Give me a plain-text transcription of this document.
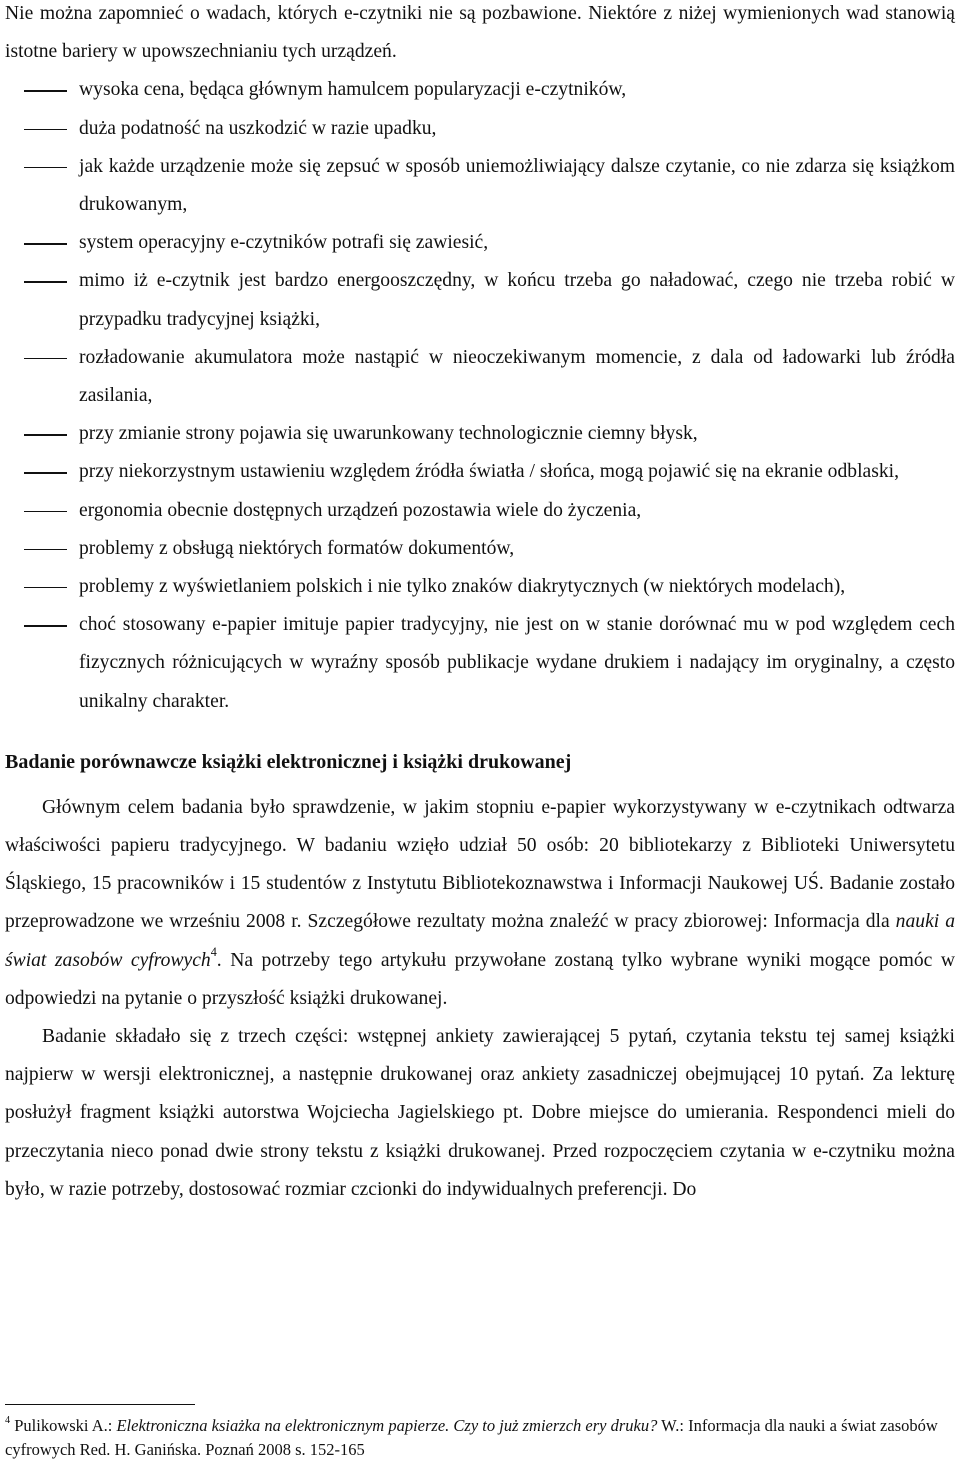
Nie można zapomnieć o wadach, których e-czytniki nie są pozbawione. Niektóre z niżej wymienionych wad stanowią istotne bariery w upowszechnianiu tych urządzeń.

wysoka cena, będąca głównym hamulcem popularyzacji e-czytników,
duża podatność na uszkodzić w razie upadku,
jak każde urządzenie może się zepsuć w sposób uniemożliwiający dalsze czytanie, co nie zdarza się książkom drukowanym,
system operacyjny e-czytników potrafi się zawiesić,
mimo iż e-czytnik jest bardzo energooszczędny, w końcu trzeba go naładować, czego nie trzeba robić w przypadku tradycyjnej książki,
rozładowanie akumulatora może nastąpić w nieoczekiwanym momencie, z dala od ładowarki lub źródła zasilania,
przy zmianie strony pojawia się uwarunkowany technologicznie ciemny błysk,
przy niekorzystnym ustawieniu względem źródła światła / słońca, mogą pojawić się na ekranie odblaski,
ergonomia obecnie dostępnych urządzeń pozostawia wiele do życzenia,
problemy z obsługą niektórych formatów dokumentów,
problemy z wyświetlaniem polskich i nie tylko znaków diakrytycznych (w niektórych modelach),
choć stosowany e-papier imituje papier tradycyjny, nie jest on w stanie dorównać mu w pod względem cech fizycznych różnicujących w wyraźny sposób publikacje wydane drukiem i nadający im oryginalny, a często unikalny charakter.
Badanie porównawcze książki elektronicznej i książki drukowanej

Głównym celem badania było sprawdzenie, w jakim stopniu e-papier wykorzystywany w e-czytnikach odtwarza właściwości papieru tradycyjnego. W badaniu wzięło udział 50 osób: 20 bibliotekarzy z Biblioteki Uniwersytetu Śląskiego, 15 pracowników i 15 studentów z Instytutu Bibliotekoznawstwa i Informacji Naukowej UŚ. Badanie zostało przeprowadzone we wrześniu 2008 r. Szczegółowe rezultaty można znaleźć w pracy zbiorowej: Informacja dla nauki a świat zasobów cyfrowych$^4$. Na potrzeby tego artykułu przywołane zostaną tylko wybrane wyniki mogące pomóc w odpowiedzi na pytanie o przyszłość książki drukowanej.

Badanie składało się z trzech części: wstępnej ankiety zawierającej 5 pytań, czytania tekstu tej samej książki najpierw w wersji elektronicznej, a następnie drukowanej oraz ankiety zasadniczej obejmującej 10 pytań. Za lekturę posłużył fragment książki autorstwa Wojciecha Jagielskiego pt. Dobre miejsce do umierania. Respondenci mieli do przeczytania nieco ponad dwie strony tekstu z książki drukowanej. Przed rozpoczęciem czytania w e-czytniku można było, w razie potrzeby, dostosować rozmiar czcionki do indywidualnych preferencji. Do

$^4$ Pulikowski A.: Elektroniczna ksiażka na elektronicznym papierze. Czy to już zmierzch ery druku? W.: Informacja dla nauki a świat zasobów cyfrowych Red. H. Ganińska. Poznań 2008 s. 152-165
